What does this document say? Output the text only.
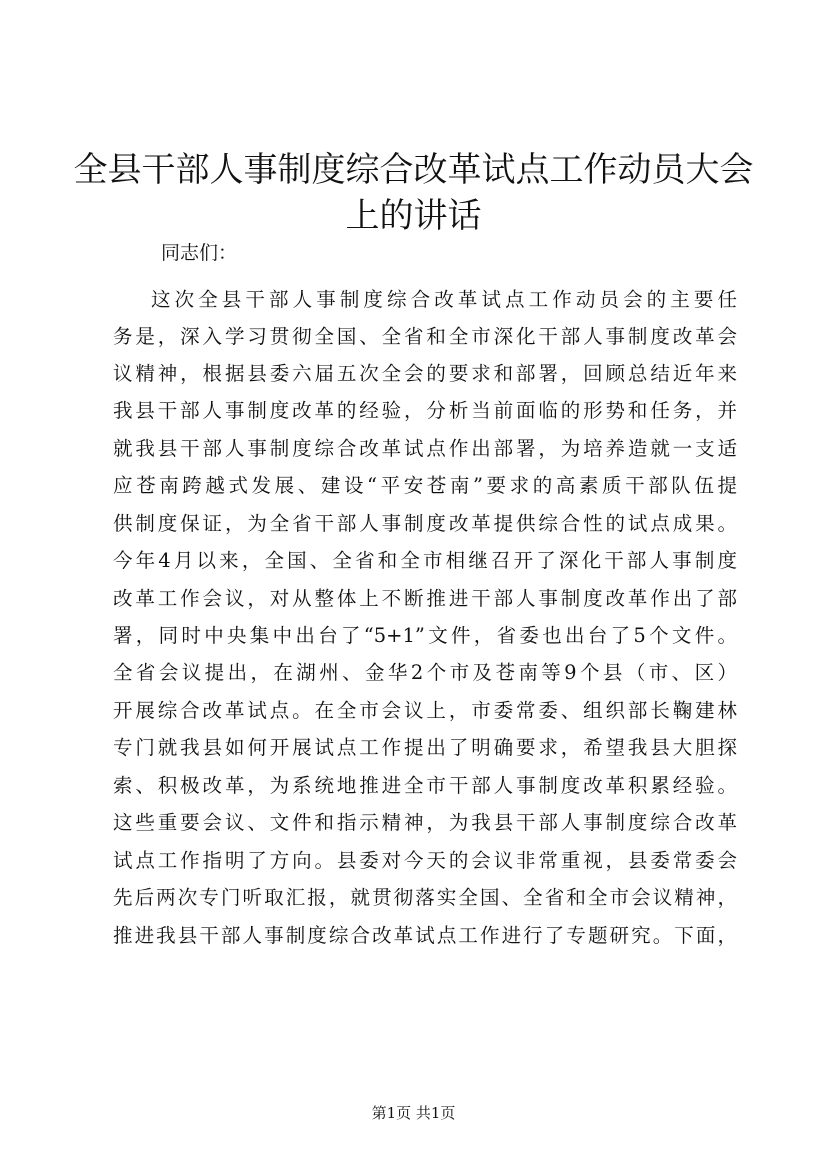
全县干部人事制度综合改革试点工作动员大会
上的讲话
同志们：
这次全县干部人事制度综合改革试点工作动员会的主要任
务是，深入学习贯彻全国、全省和全市深化干部人事制度改革会
议精神，根据县委六届五次全会的要求和部署，回顾总结近年来
我县干部人事制度改革的经验，分析当前面临的形势和任务，并
就我县干部人事制度综合改革试点作出部署，为培养造就一支适
应苍南跨越式发展、建设“平安苍南”要求的高素质干部队伍提
供制度保证，为全省干部人事制度改革提供综合性的试点成果。
今年4月以来，全国、全省和全市相继召开了深化干部人事制度
改革工作会议，对从整体上不断推进干部人事制度改革作出了部
署，同时中央集中出台了“5+1”文件，省委也出台了5个文件。
全省会议提出，在湖州、金华2个市及苍南等9个县（市、区）
开展综合改革试点。在全市会议上，市委常委、组织部长鞠建林
专门就我县如何开展试点工作提出了明确要求，希望我县大胆探
索、积极改革，为系统地推进全市干部人事制度改革积累经验。
这些重要会议、文件和指示精神，为我县干部人事制度综合改革
试点工作指明了方向。县委对今天的会议非常重视，县委常委会
先后两次专门听取汇报，就贯彻落实全国、全省和全市会议精神，
推进我县干部人事制度综合改革试点工作进行了专题研究。下面，
第1页 共1页
